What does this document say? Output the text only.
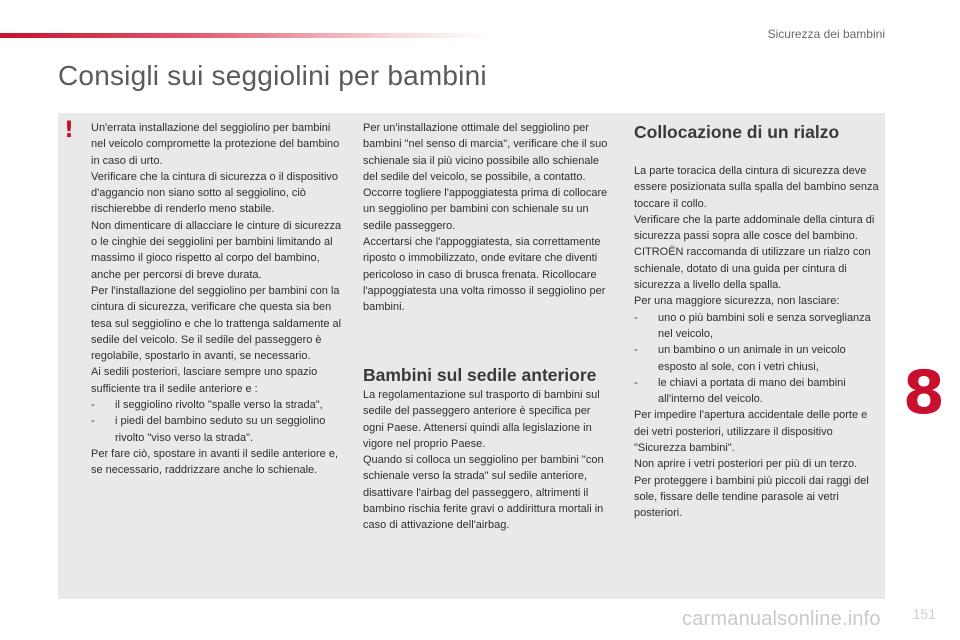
Sicurezza dei bambini
Consigli sui seggiolini per bambini
! Un'errata installazione del seggiolino per bambini nel veicolo compromette la protezione del bambino in caso di urto.

Verificare che la cintura di sicurezza o il dispositivo d'aggancio non siano sotto al seggiolino, ciò rischierebbe di renderlo meno stabile.

Non dimenticare di allacciare le cinture di sicurezza o le cinghie dei seggiolini per bambini limitando al massimo il gioco rispetto al corpo del bambino, anche per percorsi di breve durata.

Per l'installazione del seggiolino per bambini con la cintura di sicurezza, verificare che questa sia ben tesa sul seggiolino e che lo trattenga saldamente al sedile del veicolo. Se il sedile del passeggero è regolabile, spostarlo in avanti, se necessario.

Ai sedili posteriori, lasciare sempre uno spazio sufficiente tra il sedile anteriore e :

-	il seggiolino rivolto "spalle verso la strada",
-	i piedi del bambino seduto su un seggiolino rivolto "viso verso la strada".

Per fare ciò, spostare in avanti il sedile anteriore e, se necessario, raddrizzare anche lo schienale.

Per un'installazione ottimale del seggiolino per bambini "nel senso di marcia", verificare che il suo schienale sia il più vicino possibile allo schienale del sedile del veicolo, se possibile, a contatto.

Occorre togliere l'appoggiatesta prima di collocare un seggiolino per bambini con schienale su un sedile passeggero.

Accertarsi che l'appoggiatesta, sia correttamente riposto o immobilizzato, onde evitare che diventi pericoloso in caso di brusca frenata. Ricollocare l'appoggiatesta una volta rimosso il seggiolino per bambini.

Bambini sul sedile anteriore

La regolamentazione sul trasporto di bambini sul sedile del passeggero anteriore è specifica per ogni Paese. Attenersi quindi alla legislazione in vigore nel proprio Paese.

Quando si colloca un seggiolino per bambini "con schienale verso la strada" sul sedile anteriore, disattivare l'airbag del passeggero, altrimenti il bambino rischia ferite gravi o addirittura mortali in caso di attivazione dell'airbag.

Collocazione di un rialzo

La parte toracica della cintura di sicurezza deve essere posizionata sulla spalla del bambino senza toccare il collo.

Verificare che la parte addominale della cintura di sicurezza passi sopra alle cosce del bambino.

CITROËN raccomanda di utilizzare un rialzo con schienale, dotato di una guida per cintura di sicurezza a livello della spalla.

Per una maggiore sicurezza, non lasciare:

-	uno o più bambini soli e senza sorveglianza nel veicolo,
-	un bambino o un animale in un veicolo esposto al sole, con i vetri chiusi,
-	le chiavi a portata di mano dei bambini all'interno del veicolo.

Per impedire l'apertura accidentale delle porte e dei vetri posteriori, utilizzare il dispositivo "Sicurezza bambini".

Non aprire i vetri posteriori per più di un terzo.

Per proteggere i bambini più piccoli dai raggi del sole, fissare delle tendine parasole ai vetri posteriori.

8
151
carmanualsonline.info
